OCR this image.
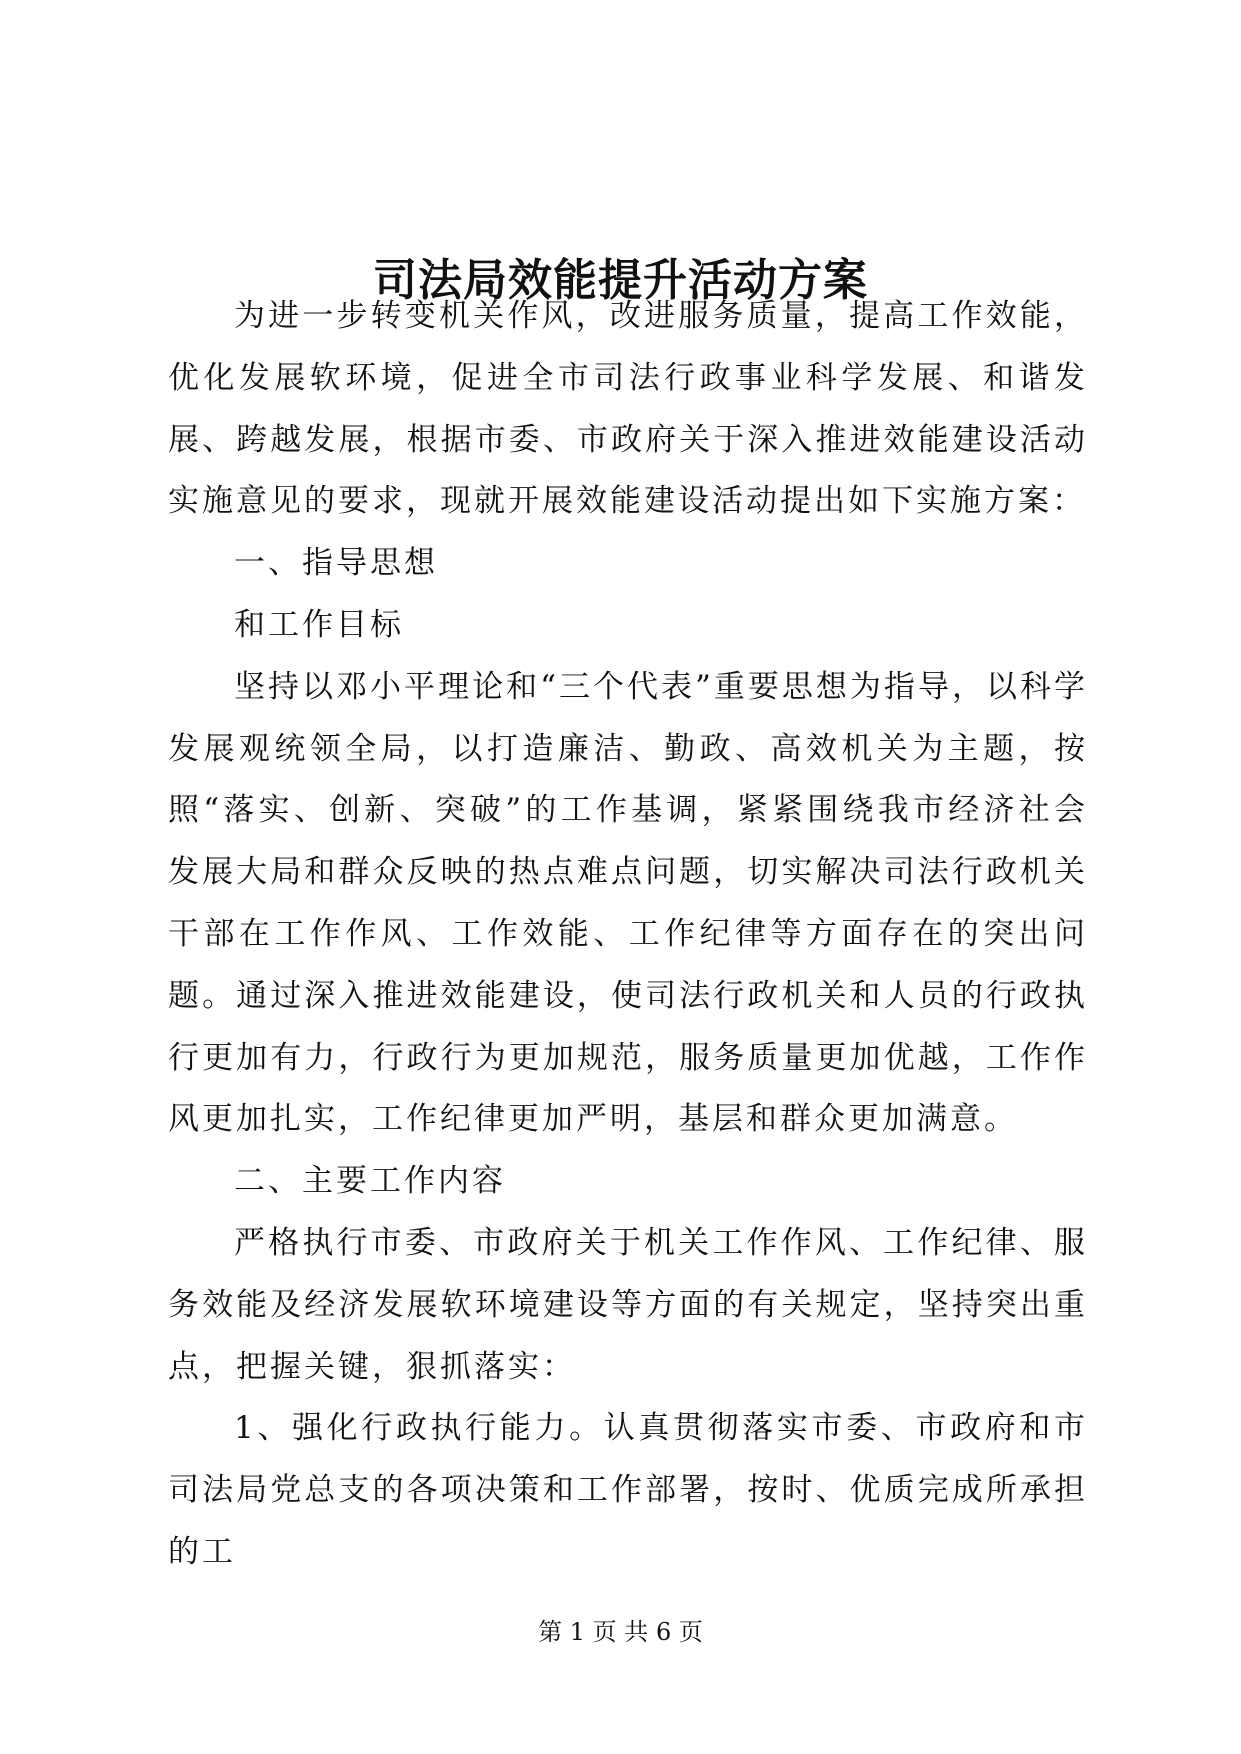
司法局效能提升活动方案

为进一步转变机关作风，改进服务质量，提高工作效能，优化发展软环境，促进全市司法行政事业科学发展、和谐发展、跨越发展，根据市委、市政府关于深入推进效能建设活动实施意见的要求，现就开展效能建设活动提出如下实施方案：

一、指导思想

和工作目标

坚持以邓小平理论和“三个代表”重要思想为指导，以科学发展观统领全局，以打造廉洁、勤政、高效机关为主题，按照“落实、创新、突破”的工作基调，紧紧围绕我市经济社会发展大局和群众反映的热点难点问题，切实解决司法行政机关干部在工作作风、工作效能、工作纪律等方面存在的突出问题。通过深入推进效能建设，使司法行政机关和人员的行政执行更加有力，行政行为更加规范，服务质量更加优越，工作作风更加扎实，工作纪律更加严明，基层和群众更加满意。

二、主要工作内容

严格执行市委、市政府关于机关工作作风、工作纪律、服务效能及经济发展软环境建设等方面的有关规定，坚持突出重点，把握关键，狠抓落实：

1、强化行政执行能力。认真贯彻落实市委、市政府和市司法局党总支的各项决策和工作部署，按时、优质完成所承担的工

第 1 页 共 6 页
